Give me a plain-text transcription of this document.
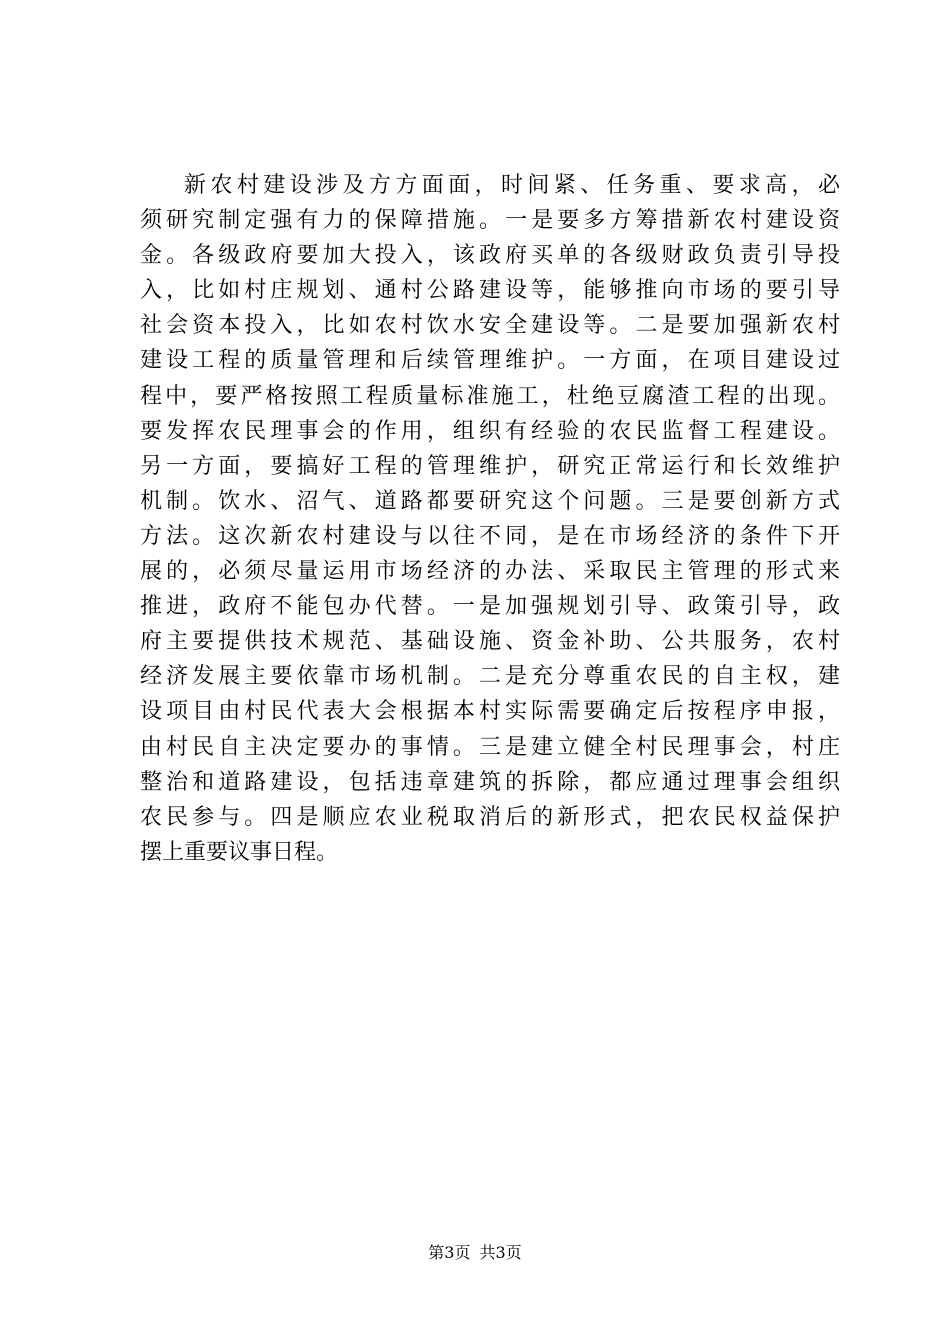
新农村建设涉及方方面面，时间紧、任务重、要求高，必
须研究制定强有力的保障措施。一是要多方筹措新农村建设资
金。各级政府要加大投入，该政府买单的各级财政负责引导投
入，比如村庄规划、通村公路建设等，能够推向市场的要引导
社会资本投入，比如农村饮水安全建设等。二是要加强新农村
建设工程的质量管理和后续管理维护。一方面，在项目建设过
程中，要严格按照工程质量标准施工，杜绝豆腐渣工程的出现。
要发挥农民理事会的作用，组织有经验的农民监督工程建设。
另一方面，要搞好工程的管理维护，研究正常运行和长效维护
机制。饮水、沼气、道路都要研究这个问题。三是要创新方式
方法。这次新农村建设与以往不同，是在市场经济的条件下开
展的，必须尽量运用市场经济的办法、采取民主管理的形式来
推进，政府不能包办代替。一是加强规划引导、政策引导，政
府主要提供技术规范、基础设施、资金补助、公共服务，农村
经济发展主要依靠市场机制。二是充分尊重农民的自主权，建
设项目由村民代表大会根据本村实际需要确定后按程序申报，
由村民自主决定要办的事情。三是建立健全村民理事会，村庄
整治和道路建设，包括违章建筑的拆除，都应通过理事会组织
农民参与。四是顺应农业税取消后的新形式，把农民权益保护
摆上重要议事日程。
第3页 共3页
